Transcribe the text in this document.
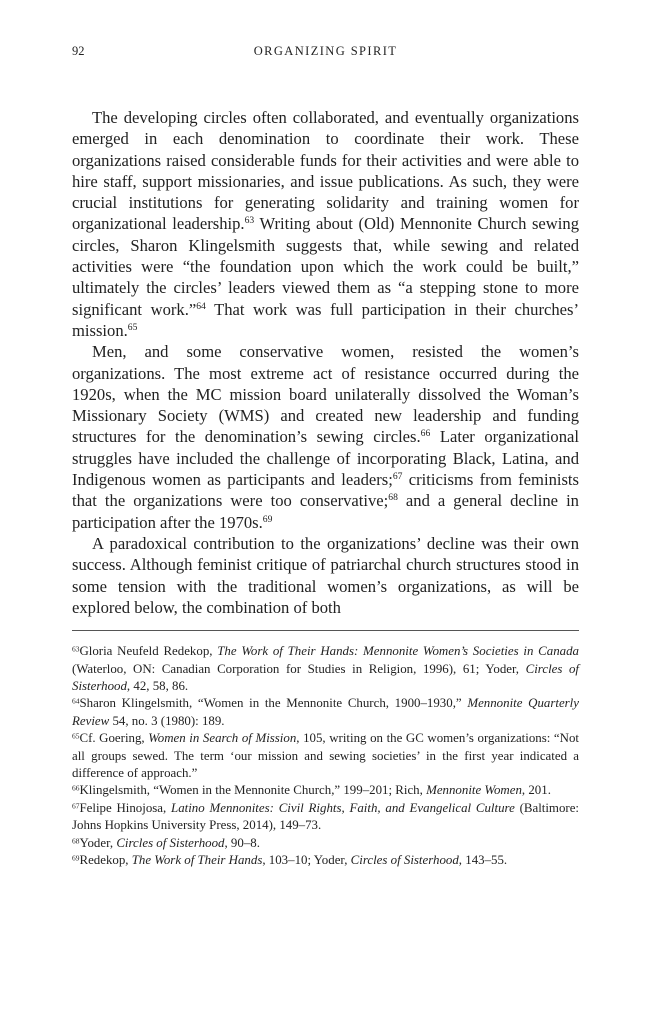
92	ORGANIZING SPIRIT

The developing circles often collaborated, and eventually organizations emerged in each denomination to coordinate their work. These organizations raised considerable funds for their activities and were able to hire staff, support missionaries, and issue publications. As such, they were crucial institutions for generating solidarity and training women for organizational leadership.$^{63}$ Writing about (Old) Mennonite Church sewing circles, Sharon Klingelsmith suggests that, while sewing and related activities were “the foundation upon which the work could be built,” ultimately the circles’ leaders viewed them as “a stepping stone to more significant work.”$^{64}$ That work was full participation in their churches’ mission.$^{65}$

Men, and some conservative women, resisted the women’s organizations. The most extreme act of resistance occurred during the 1920s, when the MC mission board unilaterally dissolved the Woman’s Missionary Society (WMS) and created new leadership and funding structures for the denomination’s sewing circles.$^{66}$ Later organizational struggles have included the challenge of incorporating Black, Latina, and Indigenous women as participants and leaders;$^{67}$ criticisms from feminists that the organizations were too conservative;$^{68}$ and a general decline in participation after the 1970s.$^{69}$

A paradoxical contribution to the organizations’ decline was their own success. Although feminist critique of patriarchal church structures stood in some tension with the traditional women’s organizations, as will be explored below, the combination of both

$^{63}$Gloria Neufeld Redekop, The Work of Their Hands: Mennonite Women’s Societies in Canada (Waterloo, ON: Canadian Corporation for Studies in Religion, 1996), 61; Yoder, Circles of Sisterhood, 42, 58, 86.
$^{64}$Sharon Klingelsmith, “Women in the Mennonite Church, 1900–1930,” Mennonite Quarterly Review 54, no. 3 (1980): 189.
$^{65}$Cf. Goering, Women in Search of Mission, 105, writing on the GC women’s organizations: “Not all groups sewed. The term ‘our mission and sewing societies’ in the first year indicated a difference of approach.”
$^{66}$Klingelsmith, “Women in the Mennonite Church,” 199–201; Rich, Mennonite Women, 201.
$^{67}$Felipe Hinojosa, Latino Mennonites: Civil Rights, Faith, and Evangelical Culture (Baltimore: Johns Hopkins University Press, 2014), 149–73.
$^{68}$Yoder, Circles of Sisterhood, 90–8.
$^{69}$Redekop, The Work of Their Hands, 103–10; Yoder, Circles of Sisterhood, 143–55.
